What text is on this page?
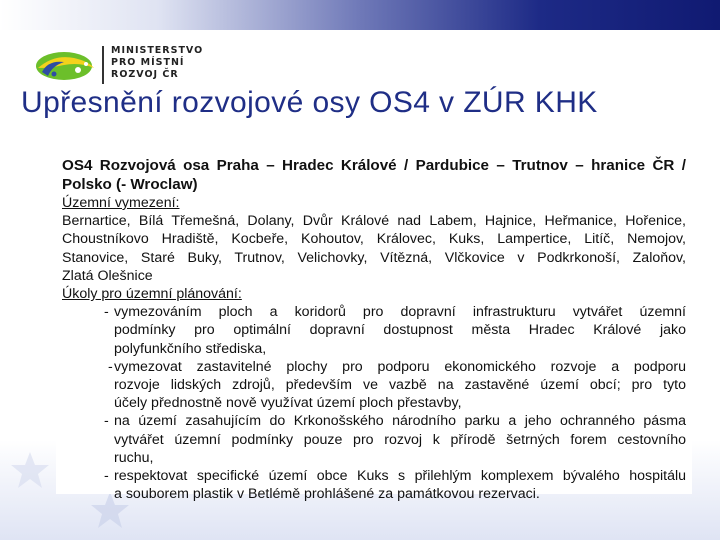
MINISTERSTVO
PRO MÍSTNÍ
ROZVOJ ČR
Upřesnění rozvojové osy OS4 v ZÚR KHK
OS4 Rozvojová osa Praha – Hradec Králové / Pardubice – Trutnov – hranice ČR /
Polsko (- Wroclaw)
Územní vymezení:
Bernartice, Bílá Třemešná, Dolany, Dvůr Králové nad Labem, Hajnice, Heřmanice, Hořenice,
Choustníkovo Hradiště, Kocbeře, Kohoutov, Královec, Kuks, Lampertice, Litíč, Nemojov,
Stanovice, Staré Buky, Trutnov, Velichovky, Vítězná, Vlčkovice v Podkrkonoší, Zaloňov,
Zlatá Olešnice
Úkoly pro územní plánování:
- vymezováním ploch a koridorů pro dopravní infrastrukturu vytvářet územní
podmínky pro optimální dopravní dostupnost města Hradec Králové jako
polyfunkčního střediska,
- vymezovat zastavitelné plochy pro podporu ekonomického rozvoje a podporu
rozvoje lidských zdrojů, především ve vazbě na zastavěné území obcí; pro tyto
účely přednostně nově využívat území ploch přestavby,
- na území zasahujícím do Krkonošského národního parku a jeho ochranného pásma
vytvářet územní podmínky pouze pro rozvoj k přírodě šetrných forem cestovního
ruchu,
- respektovat specifické území obce Kuks s přilehlým komplexem bývalého hospitálu
a souborem plastik v Betlémě prohlášené za památkovou rezervaci.
